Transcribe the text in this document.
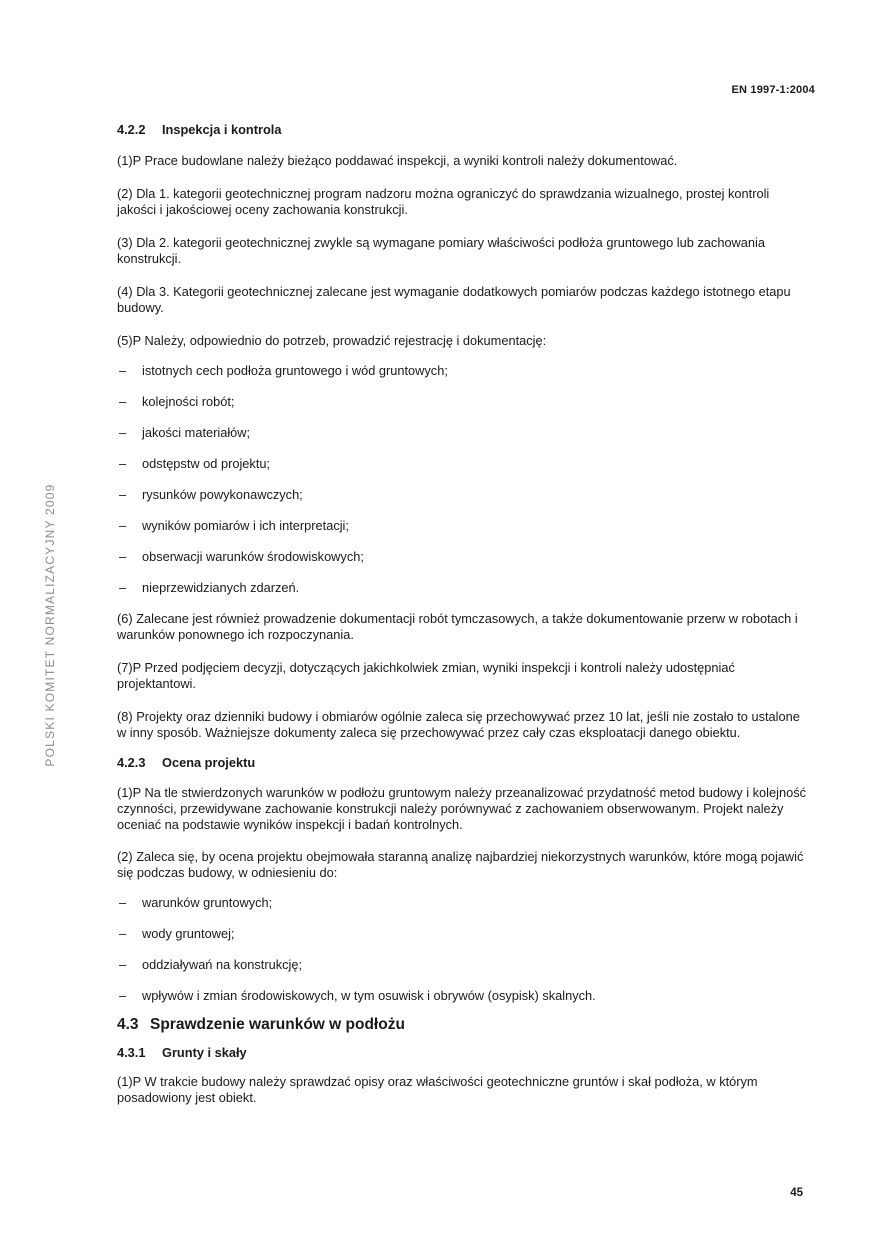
EN 1997-1:2004
POLSKI KOMITET NORMALIZACYJNY 2009
4.2.2 Inspekcja i kontrola

(1)P Prace budowlane należy bieżąco poddawać inspekcji, a wyniki kontroli należy dokumentować.

(2) Dla 1. kategorii geotechnicznej program nadzoru można ograniczyć do sprawdzania wizualnego, prostej kontroli jakości i jakościowej oceny zachowania konstrukcji.

(3) Dla 2. kategorii geotechnicznej zwykle są wymagane pomiary właściwości podłoża gruntowego lub zachowania konstrukcji.

(4) Dla 3. Kategorii geotechnicznej zalecane jest wymaganie dodatkowych pomiarów podczas każdego istotnego etapu budowy.

(5)P Należy, odpowiednio do potrzeb, prowadzić rejestrację i dokumentację:

– istotnych cech podłoża gruntowego i wód gruntowych;

– kolejności robót;

– jakości materiałów;

– odstępstw od projektu;

– rysunków powykonawczych;

– wyników pomiarów i ich interpretacji;

– obserwacji warunków środowiskowych;

– nieprzewidzianych zdarzeń.

(6) Zalecane jest również prowadzenie dokumentacji robót tymczasowych, a także dokumentowanie przerw w robotach i warunków ponownego ich rozpoczynania.

(7)P Przed podjęciem decyzji, dotyczących jakichkolwiek zmian, wyniki inspekcji i kontroli należy udostępniać projektantowi.

(8) Projekty oraz dzienniki budowy i obmiarów ogólnie zaleca się przechowywać przez 10 lat, jeśli nie zostało to ustalone w inny sposób. Ważniejsze dokumenty zaleca się przechowywać przez cały czas eksploatacji danego obiektu.

4.2.3 Ocena projektu

(1)P Na tle stwierdzonych warunków w podłożu gruntowym należy przeanalizować przydatność metod budowy i kolejność czynności, przewidywane zachowanie konstrukcji należy porównywać z zachowaniem obserwowanym. Projekt należy oceniać na podstawie wyników inspekcji i badań kontrolnych.

(2) Zaleca się, by ocena projektu obejmowała staranną analizę najbardziej niekorzystnych warunków, które mogą pojawić się podczas budowy, w odniesieniu do:

– warunków gruntowych;

– wody gruntowej;

– oddziaływań na konstrukcję;

– wpływów i zmian środowiskowych, w tym osuwisk i obrywów (osypisk) skalnych.

4.3 Sprawdzenie warunków w podłożu
4.3.1 Grunty i skały

(1)P W trakcie budowy należy sprawdzać opisy oraz właściwości geotechniczne gruntów i skał podłoża, w którym posadowiony jest obiekt.

45
